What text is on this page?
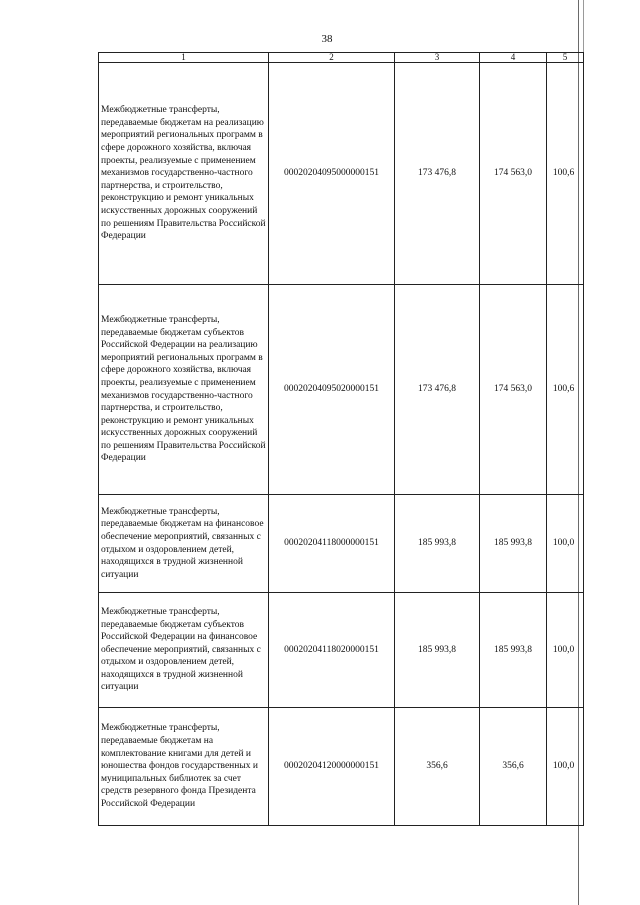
38
1	2	3	4	5
Межбюджетные трансферты, передаваемые бюджетам на реализацию мероприятий региональных программ в сфере дорожного хозяйства, включая проекты, реализуемые с применением механизмов государственно-частного партнерства, и строительство, реконструкцию и ремонт уникальных искусственных дорожных сооружений по решениям Правительства Российской Федерации	00020204095000000151	173 476,8	174 563,0	100,6
Межбюджетные трансферты, передаваемые бюджетам субъектов Российской Федерации на реализацию мероприятий региональных программ в сфере дорожного хозяйства, включая проекты, реализуемые с применением механизмов государственно-частного партнерства, и строительство, реконструкцию и ремонт уникальных искусственных дорожных сооружений по решениям Правительства Российской Федерации	00020204095020000151	173 476,8	174 563,0	100,6
Межбюджетные трансферты, передаваемые бюджетам на финансовое обеспечение мероприятий, связанных с отдыхом и оздоровлением детей, находящихся в трудной жизненной ситуации	00020204118000000151	185 993,8	185 993,8	100,0
Межбюджетные трансферты, передаваемые бюджетам субъектов Российской Федерации на финансовое обеспечение мероприятий, связанных с отдыхом и оздоровлением детей, находящихся в трудной жизненной ситуации	00020204118020000151	185 993,8	185 993,8	100,0
Межбюджетные трансферты, передаваемые бюджетам на комплектование книгами для детей и юношества фондов государственных и муниципальных библиотек за счет средств резервного фонда Президента Российской Федерации	00020204120000000151	356,6	356,6	100,0
